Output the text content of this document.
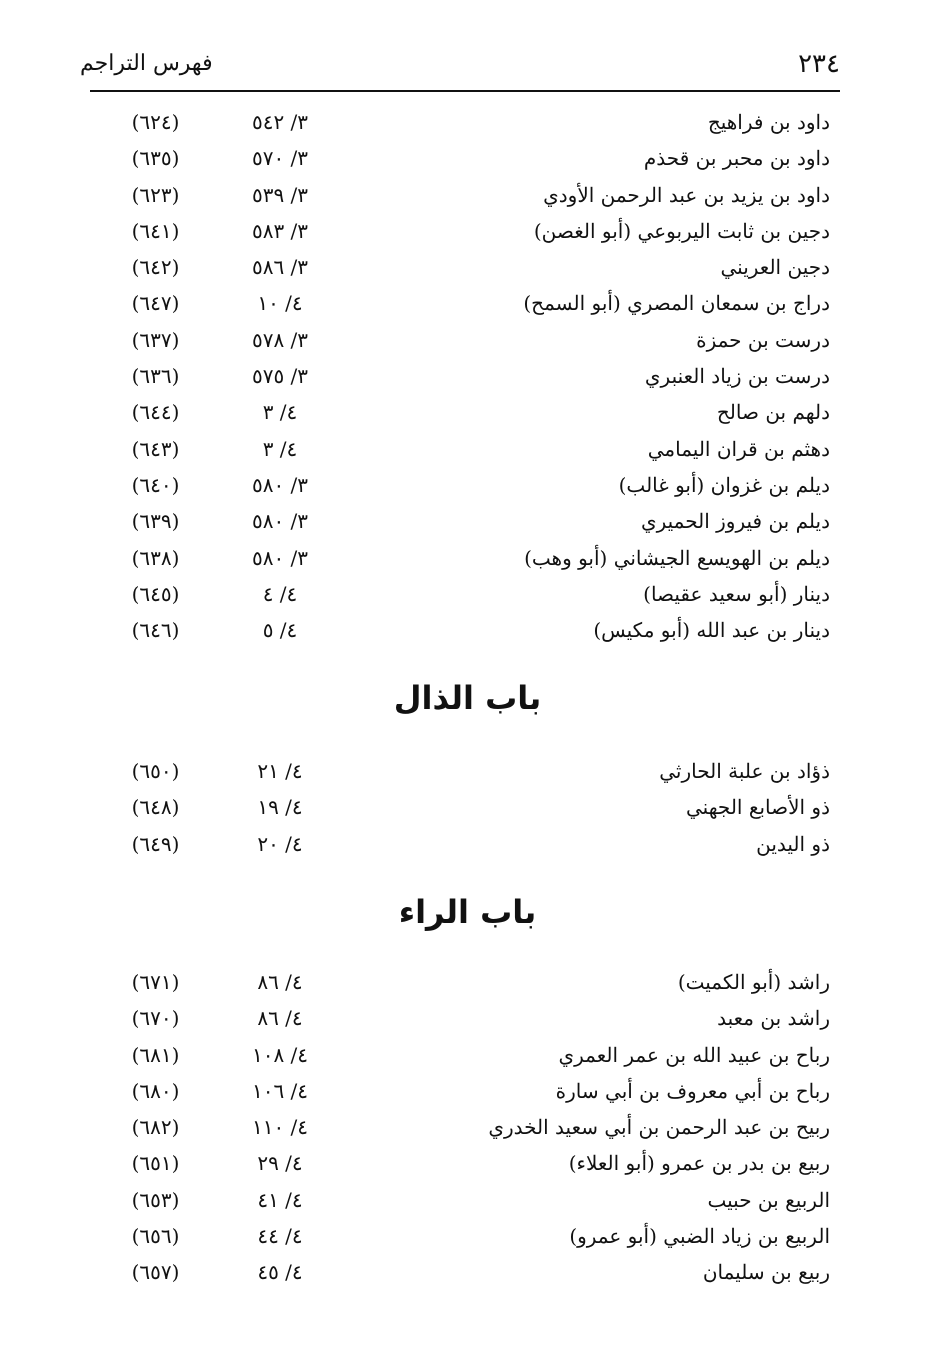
٢٣٤
فهرس التراجم
داود بن فراهيج
٣/ ٥٤٢
(٦٢٤)
داود بن محبر بن قحذم
٣/ ٥٧٠
(٦٣٥)
داود بن يزيد بن عبد الرحمن الأودي
٣/ ٥٣٩
(٦٢٣)
دجين بن ثابت اليربوعي (أبو الغصن)
٣/ ٥٨٣
(٦٤١)
دجين العريني
٣/ ٥٨٦
(٦٤٢)
دراج بن سمعان المصري (أبو السمح)
٤/ ١٠
(٦٤٧)
درست بن حمزة
٣/ ٥٧٨
(٦٣٧)
درست بن زياد العنبري
٣/ ٥٧٥
(٦٣٦)
دلهم بن صالح
٤/ ٣
(٦٤٤)
دهثم بن قران اليمامي
٤/ ٣
(٦٤٣)
ديلم بن غزوان (أبو غالب)
٣/ ٥٨٠
(٦٤٠)
ديلم بن فيروز الحميري
٣/ ٥٨٠
(٦٣٩)
ديلم بن الهويسع الجيشاني (أبو وهب)
٣/ ٥٨٠
(٦٣٨)
دينار (أبو سعيد عقيصا)
٤/ ٤
(٦٤٥)
دينار بن عبد الله (أبو مكيس)
٤/ ٥
(٦٤٦)
باب الذال
ذؤاد بن علبة الحارثي
٤/ ٢١
(٦٥٠)
ذو الأصابع الجهني
٤/ ١٩
(٦٤٨)
ذو اليدين
٤/ ٢٠
(٦٤٩)
باب الراء
راشد (أبو الكميت)
٤/ ٨٦
(٦٧١)
راشد بن معبد
٤/ ٨٦
(٦٧٠)
رباح بن عبيد الله بن عمر العمري
٤/ ١٠٨
(٦٨١)
رباح بن أبي معروف بن أبي سارة
٤/ ١٠٦
(٦٨٠)
ربيح بن عبد الرحمن بن أبي سعيد الخدري
٤/ ١١٠
(٦٨٢)
ربيع بن بدر بن عمرو (أبو العلاء)
٤/ ٢٩
(٦٥١)
الربيع بن حبيب
٤/ ٤١
(٦٥٣)
الربيع بن زياد الضبي (أبو عمرو)
٤/ ٤٤
(٦٥٦)
ربيع بن سليمان
٤/ ٤٥
(٦٥٧)
